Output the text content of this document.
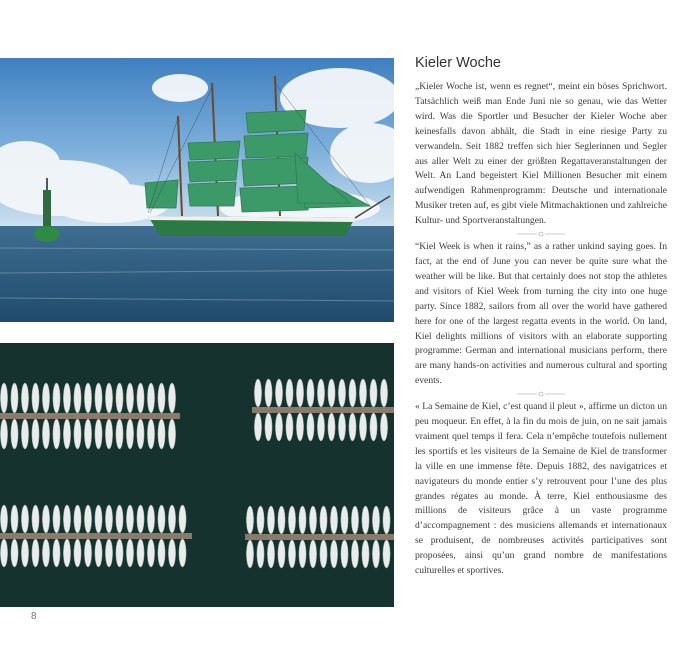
8
Kieler Woche

„Kieler Woche ist, wenn es regnet“, meint ein böses Sprichwort. Tatsächlich weiß man Ende Juni nie so genau, wie das Wetter wird. Was die Sportler und Besucher der Kieler Woche aber keinesfalls davon abhält, die Stadt in eine riesige Party zu verwandeln. Seit 1882 treffen sich hier Seglerinnen und Segler aus aller Welt zu einer der größten Regattaveranstaltungen der Welt. An Land begeistert Kiel Millionen Besucher mit einem aufwendigen Rahmenprogramm: Deutsche und internationale Musiker treten auf, es gibt viele Mitmachaktionen und zahlreiche Kultur- und Sportveranstaltungen.

“Kiel Week is when it rains,” as a rather unkind saying goes. In fact, at the end of June you can never be quite sure what the weather will be like. But that certainly does not stop the athletes and visitors of Kiel Week from turning the city into one huge party. Since 1882, sailors from all over the world have gathered here for one of the largest regatta events in the world. On land, Kiel delights millions of visitors with an elaborate supporting programme: German and international musicians perform, there are many hands-on activities and numerous cultural and sporting events.

« La Semaine de Kiel, c’est quand il pleut », affirme un dicton un peu moqueur. En effet, à la fin du mois de juin, on ne sait jamais vraiment quel temps il fera. Cela n’empêche toutefois nullement les sportifs et les visiteurs de la Semaine de Kiel de transformer la ville en une immense fête. Depuis 1882, des navigatrices et navigateurs du monde entier s’y retrouvent pour l’une des plus grandes régates au monde. À terre, Kiel enthousiasme des millions de visiteurs grâce à un vaste programme d’accompagnement : des musiciens allemands et internationaux se produisent, de nombreuses activités participatives sont proposées, ainsi qu’un grand nombre de manifestations culturelles et sportives.
